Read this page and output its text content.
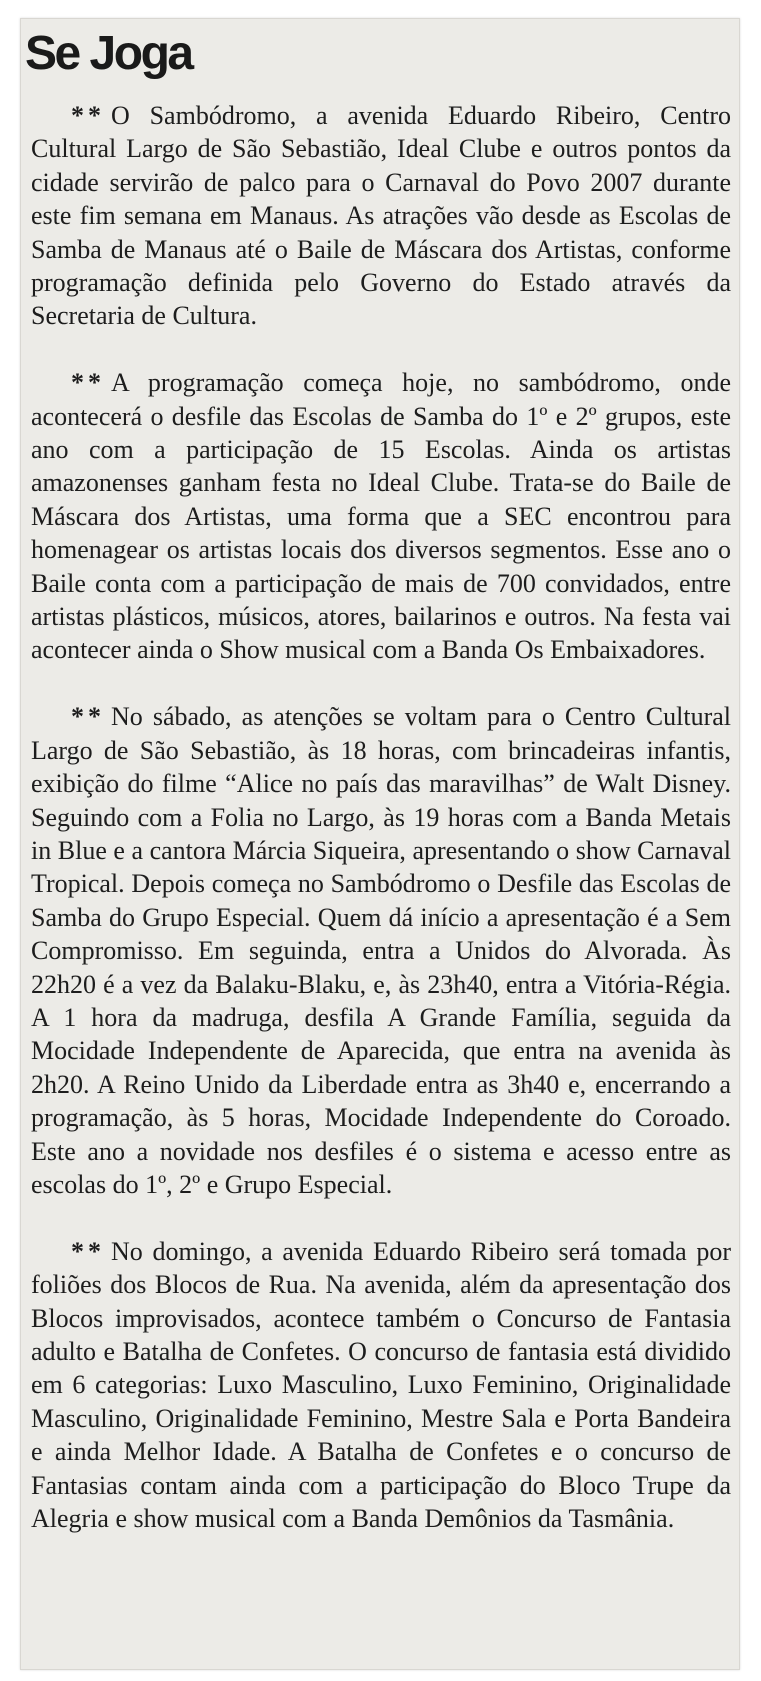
Se Joga

** O Sambódromo, a avenida Eduardo Ribeiro, Centro Cultural Largo de São Sebastião, Ideal Clube e outros pontos da cidade servirão de palco para o Carnaval do Povo 2007 durante este fim semana em Manaus. As atrações vão desde as Escolas de Samba de Manaus até o Baile de Máscara dos Artistas, conforme programação definida pelo Governo do Estado através da Secretaria de Cultura.

** A programação começa hoje, no sambódromo, onde acontecerá o desfile das Escolas de Samba do 1º e 2º grupos, este ano com a participação de 15 Escolas. Ainda os artistas amazonenses ganham festa no Ideal Clube. Trata-se do Baile de Máscara dos Artistas, uma forma que a SEC encontrou para homenagear os artistas locais dos diversos segmentos. Esse ano o Baile conta com a participação de mais de 700 convidados, entre artistas plásticos, músicos, atores, bailarinos e outros. Na festa vai acontecer ainda o Show musical com a Banda Os Embaixadores.

** No sábado, as atenções se voltam para o Centro Cultural Largo de São Sebastião, às 18 horas, com brincadeiras infantis, exibição do filme “Alice no país das maravilhas” de Walt Disney. Seguindo com a Folia no Largo, às 19 horas com a Banda Metais in Blue e a cantora Márcia Siqueira, apresentando o show Carnaval Tropical. Depois começa no Sambódromo o Desfile das Escolas de Samba do Grupo Especial. Quem dá início a apresentação é a Sem Compromisso. Em seguinda, entra a Unidos do Alvorada. Às 22h20 é a vez da Balaku-Blaku, e, às 23h40, entra a Vitória-Régia. A 1 hora da madruga, desfila A Grande Família, seguida da Mocidade Independente de Aparecida, que entra na avenida às 2h20. A Reino Unido da Liberdade entra as 3h40 e, encerrando a programação, às 5 horas, Mocidade Independente do Coroado. Este ano a novidade nos desfiles é o sistema e acesso entre as escolas do 1º, 2º e Grupo Especial.

** No domingo, a avenida Eduardo Ribeiro será tomada por foliões dos Blocos de Rua. Na avenida, além da apresentação dos Blocos improvisados, acontece também o Concurso de Fantasia adulto e Batalha de Confetes. O concurso de fantasia está dividido em 6 categorias: Luxo Masculino, Luxo Feminino, Originalidade Masculino, Originalidade Feminino, Mestre Sala e Porta Bandeira e ainda Melhor Idade. A Batalha de Confetes e o concurso de Fantasias contam ainda com a participação do Bloco Trupe da Alegria e show musical com a Banda Demônios da Tasmânia.
